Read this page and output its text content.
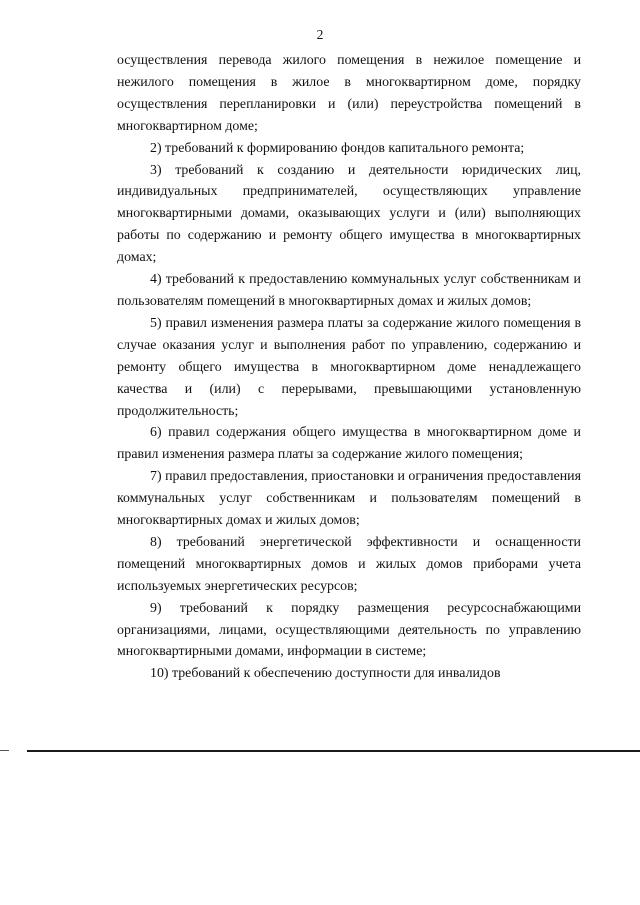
2

осуществления перевода жилого помещения в нежилое помещение и нежилого помещения в жилое в многоквартирном доме, порядку осуществления перепланировки и (или) переустройства помещений в многоквартирном доме;

2) требований к формированию фондов капитального ремонта;

3) требований к созданию и деятельности юридических лиц, индивидуальных предпринимателей, осуществляющих управление многоквартирными домами, оказывающих услуги и (или) выполняющих работы по содержанию и ремонту общего имущества в многоквартирных домах;

4) требований к предоставлению коммунальных услуг собственникам и пользователям помещений в многоквартирных домах и жилых домов;

5) правил изменения размера платы за содержание жилого помещения в случае оказания услуг и выполнения работ по управлению, содержанию и ремонту общего имущества в многоквартирном доме ненадлежащего качества и (или) с перерывами, превышающими установленную продолжительность;

6) правил содержания общего имущества в многоквартирном доме и правил изменения размера платы за содержание жилого помещения;

7) правил предоставления, приостановки и ограничения предоставления коммунальных услуг собственникам и пользователям помещений в многоквартирных домах и жилых домов;

8) требований энергетической эффективности и оснащенности помещений многоквартирных домов и жилых домов приборами учета используемых энергетических ресурсов;

9) требований к порядку размещения ресурсоснабжающими организациями, лицами, осуществляющими деятельность по управлению многоквартирными домами, информации в системе;

10) требований к обеспечению доступности для инвалидов
